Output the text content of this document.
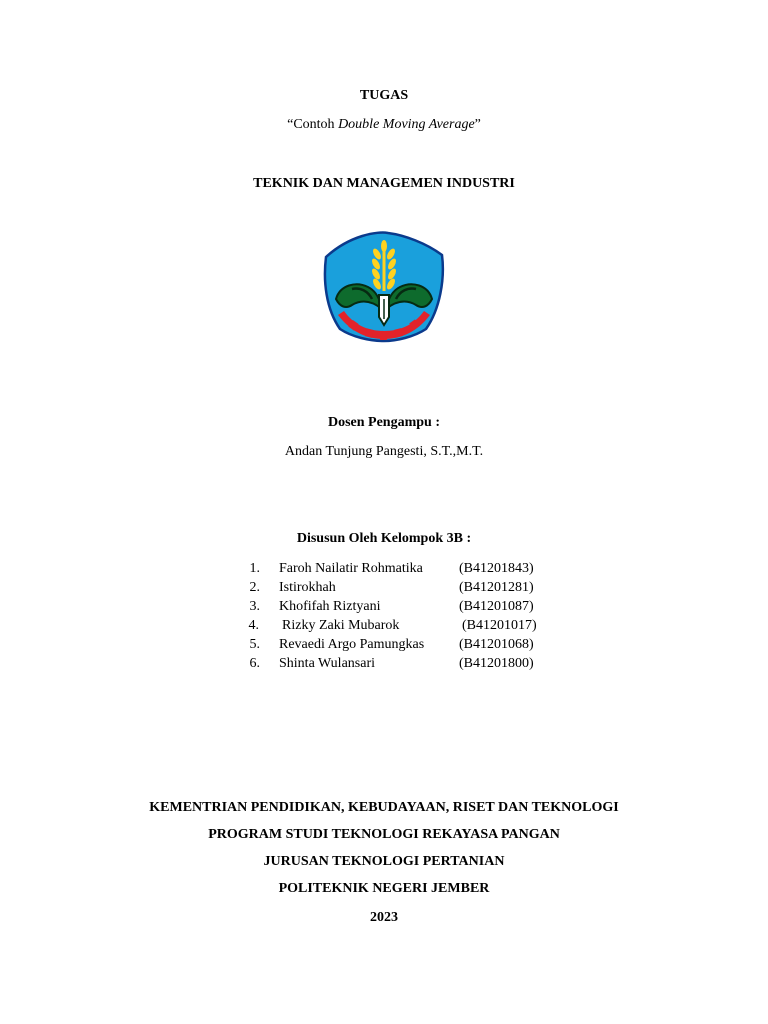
TUGAS
“Contoh Double Moving Average”
TEKNIK DAN MANAGEMEN INDUSTRI
Dosen Pengampu :
Andan Tunjung Pangesti, S.T.,M.T.
Disusun Oleh Kelompok 3B :
1. Faroh Nailatir Rohmatika	(B41201843)
2. Istirokhah	(B41201281)
3. Khofifah Riztyani	(B41201087)
4. Rizky Zaki Mubarok	(B41201017)
5. Revaedi Argo Pamungkas (B41201068)
6. Shinta Wulansari	(B41201800)
KEMENTRIAN PENDIDIKAN, KEBUDAYAAN, RISET DAN TEKNOLOGI
PROGRAM STUDI TEKNOLOGI REKAYASA PANGAN
JURUSAN TEKNOLOGI PERTANIAN
POLITEKNIK NEGERI JEMBER
2023
